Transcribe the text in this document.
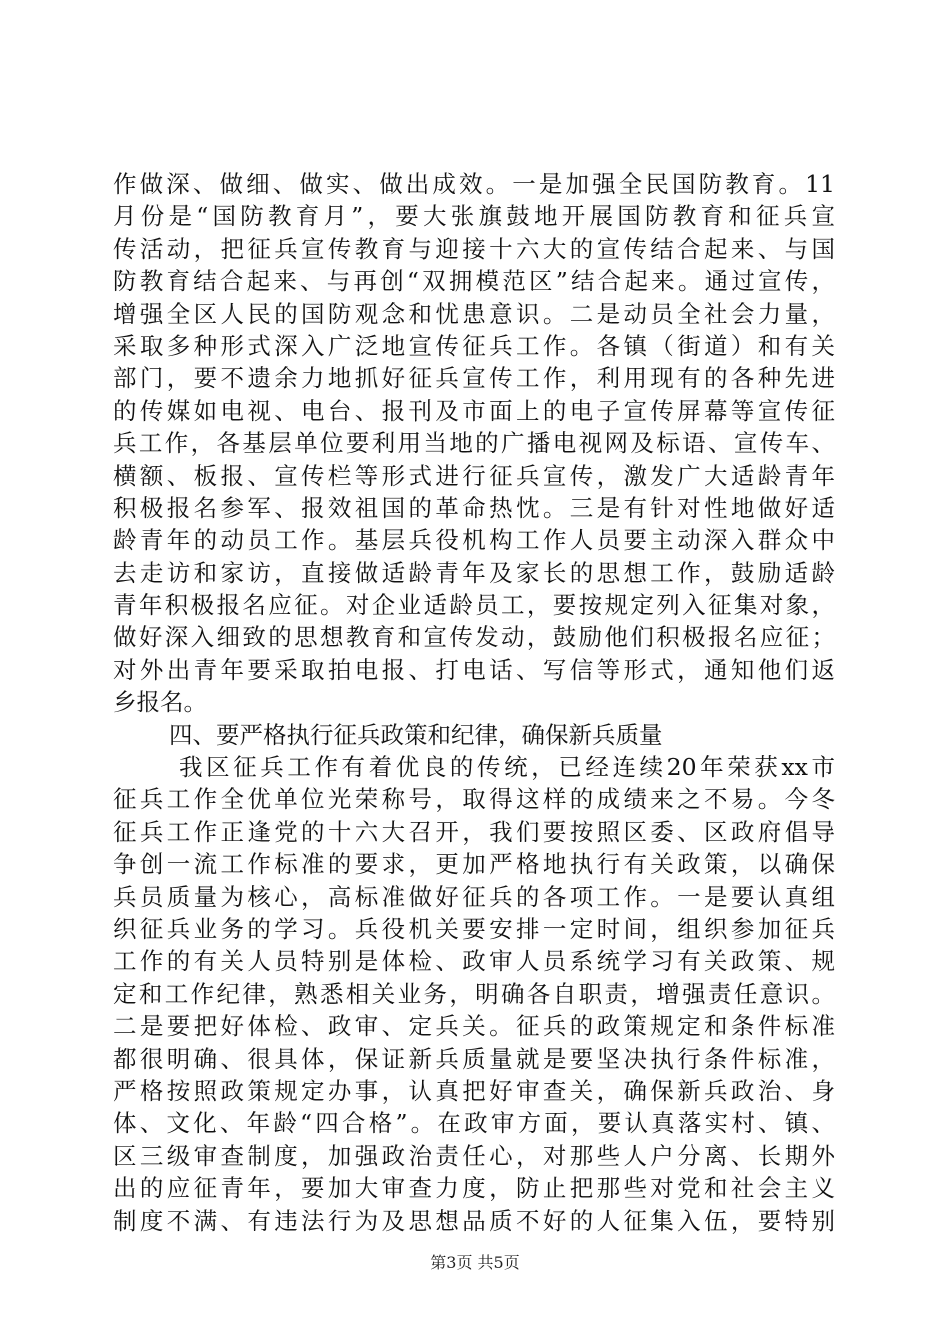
作做深、做细、做实、做出成效。一是加强全民国防教育。11
月份是“国防教育月”，要大张旗鼓地开展国防教育和征兵宣
传活动，把征兵宣传教育与迎接十六大的宣传结合起来、与国
防教育结合起来、与再创“双拥模范区”结合起来。通过宣传，
增强全区人民的国防观念和忧患意识。二是动员全社会力量，
采取多种形式深入广泛地宣传征兵工作。各镇（街道）和有关
部门，要不遗余力地抓好征兵宣传工作，利用现有的各种先进
的传媒如电视、电台、报刊及市面上的电子宣传屏幕等宣传征
兵工作，各基层单位要利用当地的广播电视网及标语、宣传车、
横额、板报、宣传栏等形式进行征兵宣传，激发广大适龄青年
积极报名参军、报效祖国的革命热忱。三是有针对性地做好适
龄青年的动员工作。基层兵役机构工作人员要主动深入群众中
去走访和家访，直接做适龄青年及家长的思想工作，鼓励适龄
青年积极报名应征。对企业适龄员工，要按规定列入征集对象，
做好深入细致的思想教育和宣传发动，鼓励他们积极报名应征；
对外出青年要采取拍电报、打电话、写信等形式，通知他们返
乡报名。
四、要严格执行征兵政策和纪律，确保新兵质量
我区征兵工作有着优良的传统，已经连续20年荣获xx市
征兵工作全优单位光荣称号，取得这样的成绩来之不易。今冬
征兵工作正逢党的十六大召开，我们要按照区委、区政府倡导
争创一流工作标准的要求，更加严格地执行有关政策，以确保
兵员质量为核心，高标准做好征兵的各项工作。一是要认真组
织征兵业务的学习。兵役机关要安排一定时间，组织参加征兵
工作的有关人员特别是体检、政审人员系统学习有关政策、规
定和工作纪律，熟悉相关业务，明确各自职责，增强责任意识。
二是要把好体检、政审、定兵关。征兵的政策规定和条件标准
都很明确、很具体，保证新兵质量就是要坚决执行条件标准，
严格按照政策规定办事，认真把好审查关，确保新兵政治、身
体、文化、年龄“四合格”。在政审方面，要认真落实村、镇、
区三级审查制度，加强政治责任心，对那些人户分离、长期外
出的应征青年，要加大审查力度，防止把那些对党和社会主义
制度不满、有违法行为及思想品质不好的人征集入伍，要特别
第3页 共5页
